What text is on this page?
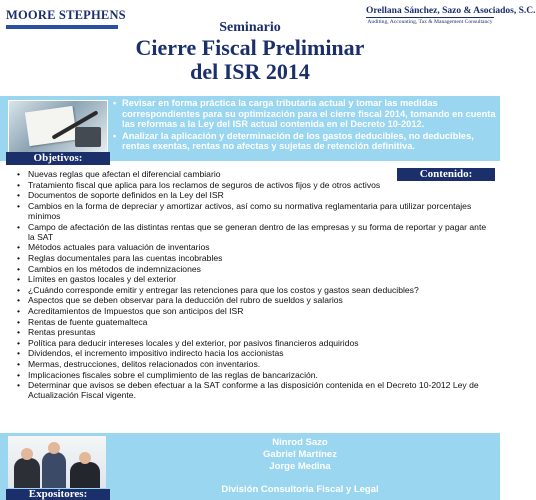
MOORE STEPHENS
Seminario
Cierre Fiscal Preliminar
del ISR 2014
Orellana Sánchez, Sazo & Asociados, S.C.
Auditing, Accounting, Tax & Management Consultancy
Objetivos:
• Revisar en forma práctica la carga tributaria actual y tomar las medidas correspondientes para su optimización para el cierre fiscal 2014, tomando en cuenta las reformas a la Ley del ISR actual contenida en el Decreto 10-2012.
• Analizar la aplicación y determinación de los gastos deducibles, no deducibles, rentas exentas, rentas no afectas y sujetas de retención definitiva.
Contenido:
• Nuevas reglas que afectan el diferencial cambiario
• Tratamiento fiscal que aplica para los reclamos de seguros de activos fijos y de otros activos
• Documentos de soporte definidos en la Ley del ISR
• Cambios en la forma de depreciar y amortizar activos, así como su normativa reglamentaria para utilizar porcentajes mínimos
• Campo de afectación de las distintas rentas que se generan dentro de las empresas y su forma de reportar y pagar ante la SAT
• Métodos actuales para valuación de inventarios
• Reglas documentales para las cuentas incobrables
• Cambios en los métodos de indemnizaciones
• Límites en gastos locales y del exterior
• ¿Cuándo corresponde emitir y entregar las retenciones para que los costos y gastos sean deducibles?
• Aspectos que se deben observar para la deducción del rubro de sueldos y salarios
• Acreditamientos de Impuestos que son anticipos del ISR
• Rentas de fuente guatemalteca
• Rentas presuntas
• Política para deducir intereses locales y del exterior, por pasivos financieros adquiridos
• Dividendos, el incremento impositivo indirecto hacia los accionistas
• Mermas, destrucciones, delitos relacionados con inventarios.
• Implicaciones fiscales sobre el cumplimiento de las reglas de bancarización.
• Determinar que avisos se deben efectuar a la SAT conforme a las disposición contenida en el Decreto 10-2012 Ley de Actualización Fiscal vigente.
Expositores:
Ninrod Sazo
Gabriel Martínez
Jorge Medina
División Consultoria Fiscal y Legal
